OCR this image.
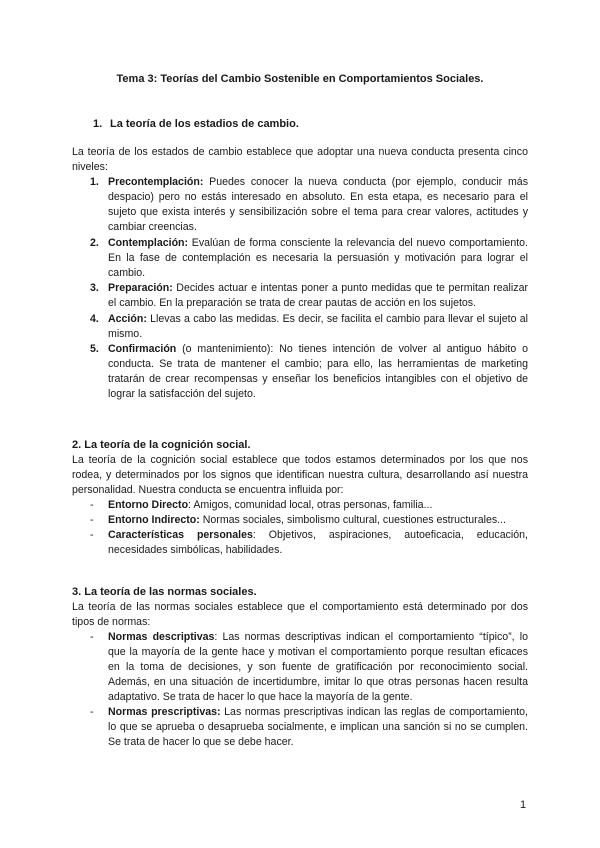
Tema 3: Teorías del Cambio Sostenible en Comportamientos Sociales.
1. La teoría de los estadios de cambio.
La teoría de los estados de cambio establece que adoptar una nueva conducta presenta cinco niveles:
1. Precontemplación: Puedes conocer la nueva conducta (por ejemplo, conducir más despacio) pero no estás interesado en absoluto. En esta etapa, es necesario para el sujeto que exista interés y sensibilización sobre el tema para crear valores, actitudes y cambiar creencias.
2. Contemplación: Evalúan de forma consciente la relevancia del nuevo comportamiento. En la fase de contemplación es necesaria la persuasión y motivación para lograr el cambio.
3. Preparación: Decides actuar e intentas poner a punto medidas que te permitan realizar el cambio. En la preparación se trata de crear pautas de acción en los sujetos.
4. Acción: Llevas a cabo las medidas. Es decir, se facilita el cambio para llevar el sujeto al mismo.
5. Confirmación (o mantenimiento): No tienes intención de volver al antiguo hábito o conducta. Se trata de mantener el cambio; para ello, las herramientas de marketing tratarán de crear recompensas y enseñar los beneficios intangibles con el objetivo de lograr la satisfacción del sujeto.
2. La teoría de la cognición social.
La teoría de la cognición social establece que todos estamos determinados por los que nos rodea, y determinados por los signos que identifican nuestra cultura, desarrollando así nuestra personalidad. Nuestra conducta se encuentra influida por:
- Entorno Directo: Amigos, comunidad local, otras personas, familia...
- Entorno Indirecto: Normas sociales, simbolismo cultural, cuestiones estructurales...
- Características personales: Objetivos, aspiraciones, autoeficacia, educación, necesidades simbólicas, habilidades.
3. La teoría de las normas sociales.
La teoría de las normas sociales establece que el comportamiento está determinado por dos tipos de normas:
- Normas descriptivas: Las normas descriptivas indican el comportamiento “típico”, lo que la mayoría de la gente hace y motivan el comportamiento porque resultan eficaces en la toma de decisiones, y son fuente de gratificación por reconocimiento social. Además, en una situación de incertidumbre, imitar lo que otras personas hacen resulta adaptativo. Se trata de hacer lo que hace la mayoría de la gente.
- Normas prescriptivas: Las normas prescriptivas indican las reglas de comportamiento, lo que se aprueba o desaprueba socialmente, e implican una sanción si no se cumplen. Se trata de hacer lo que se debe hacer.
1
